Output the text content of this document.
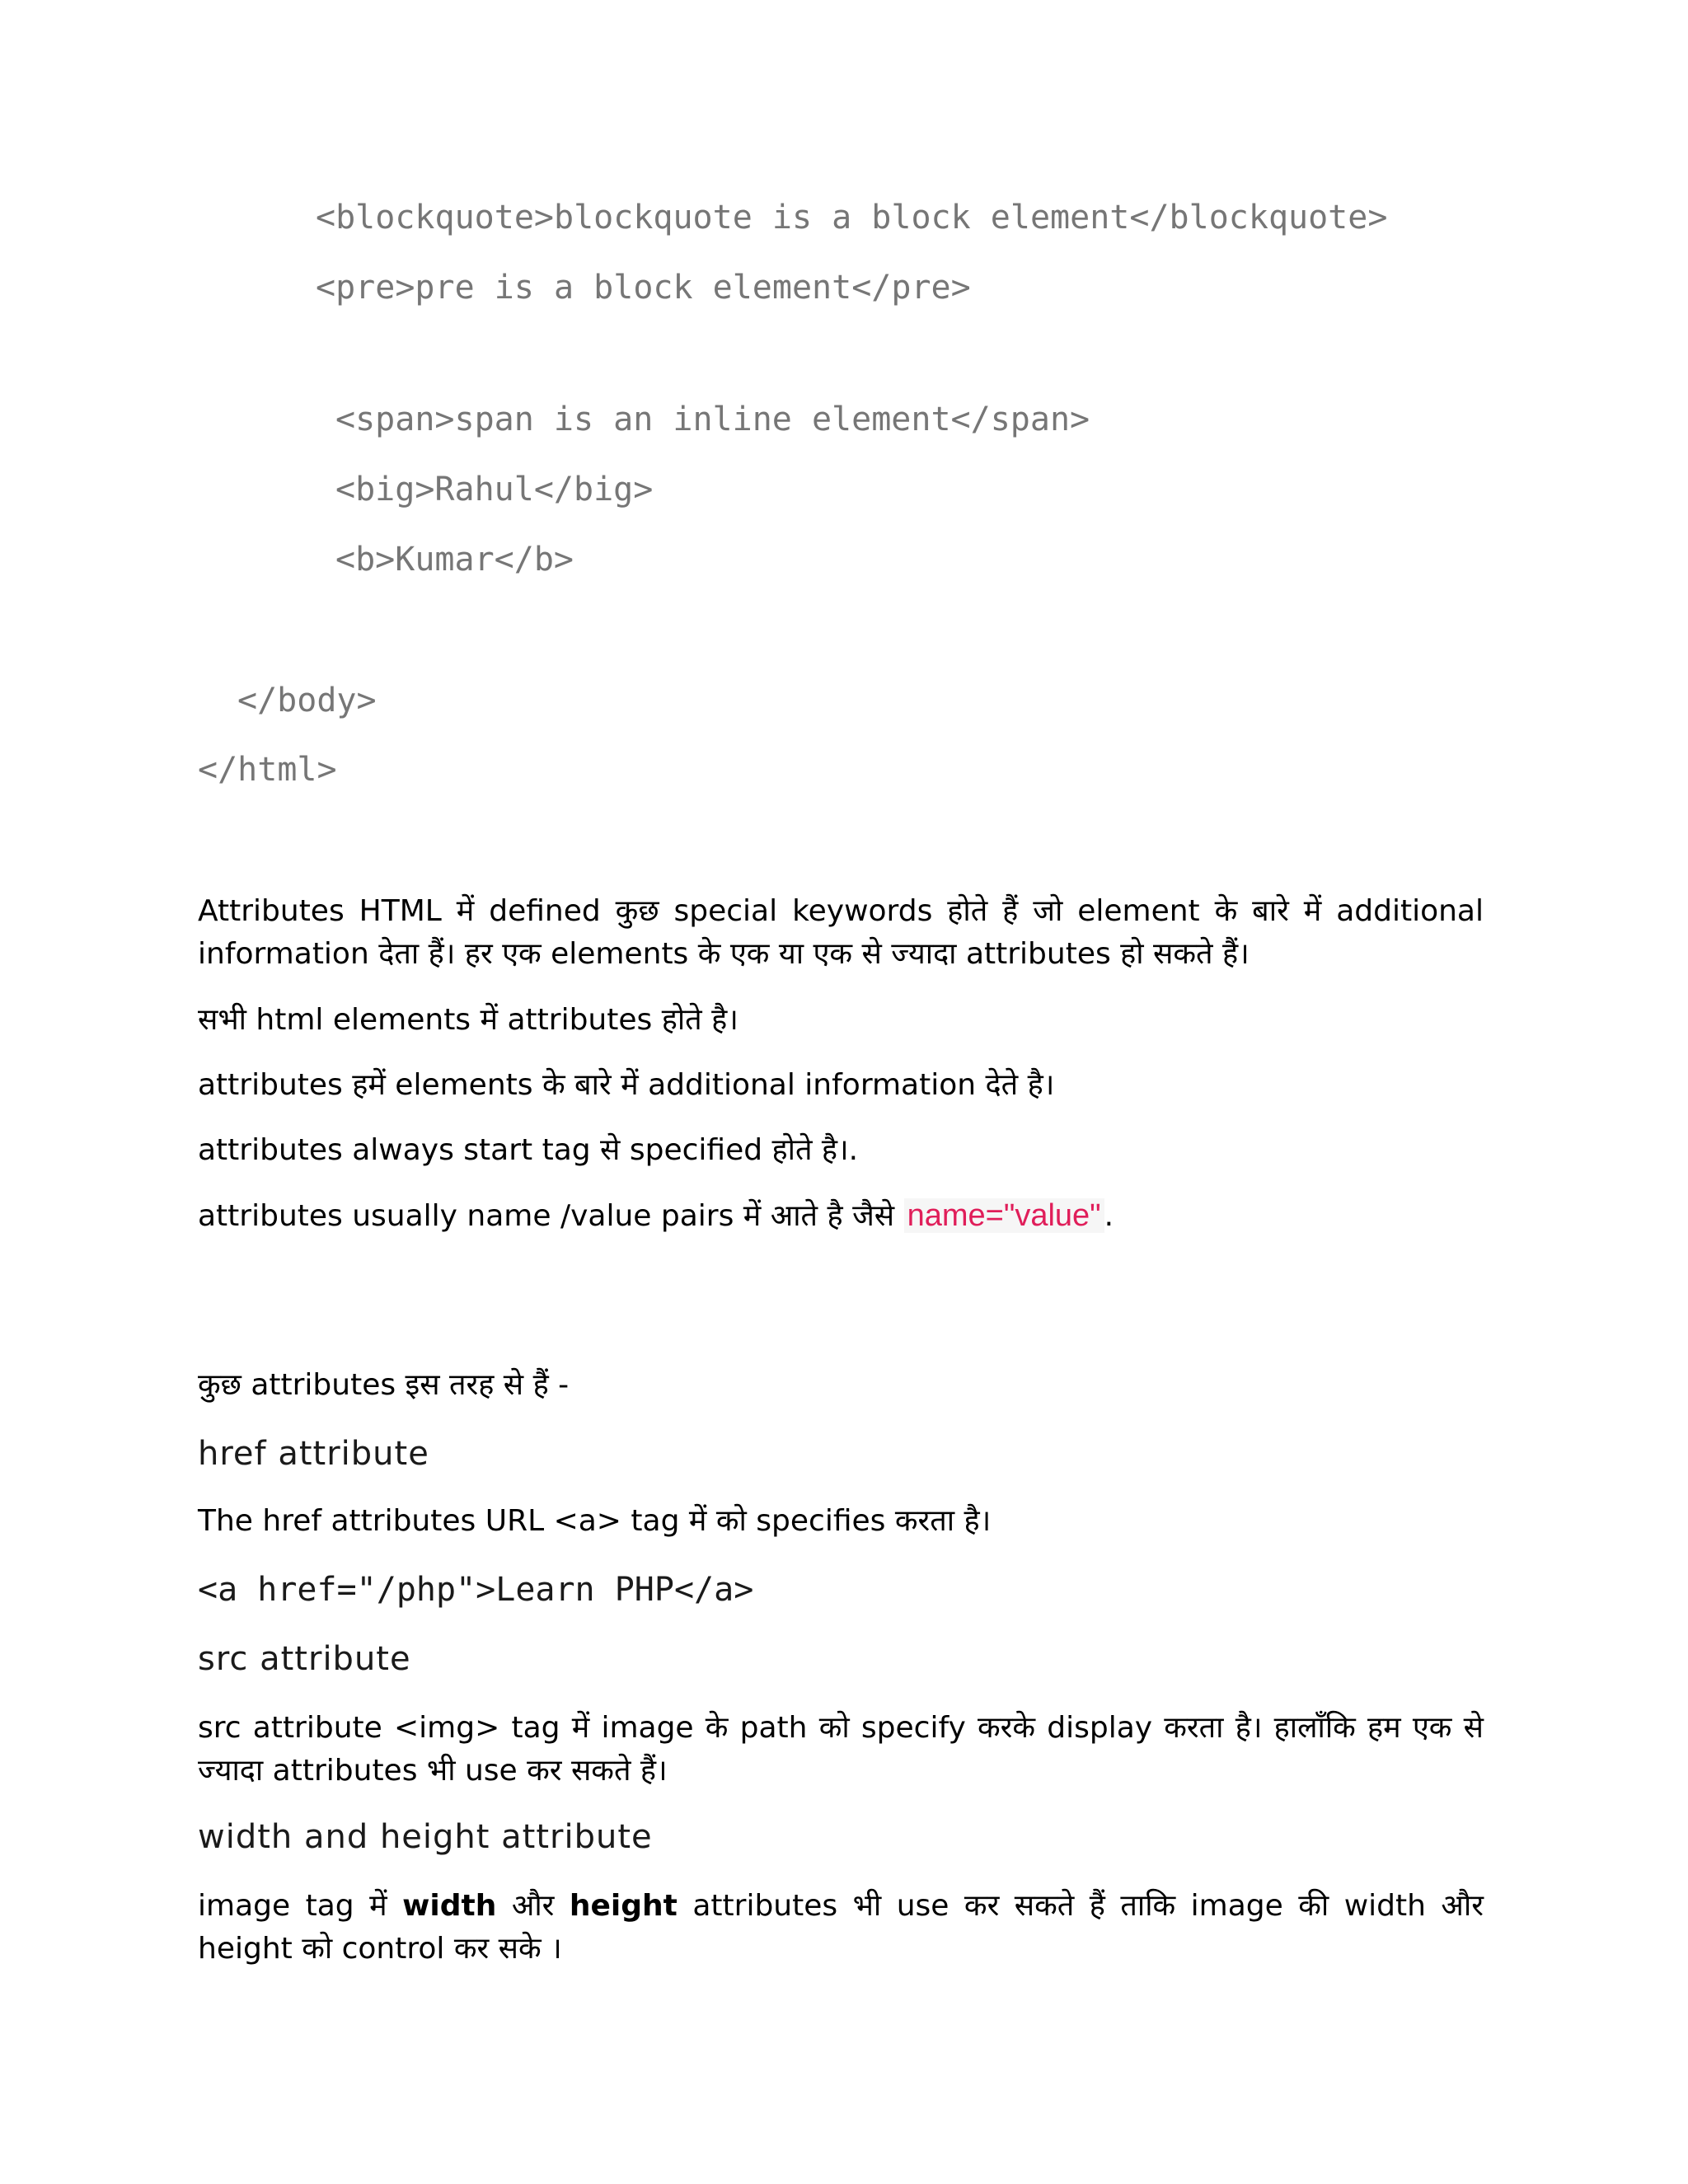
<blockquote>blockquote is a block element</blockquote>
<pre>pre is a block element</pre>
<span>span is an inline element</span>
<big>Rahul</big>
<b>Kumar</b>
</body>
</html>
Attributes HTML में defined कुछ special keywords होते हैं जो element के बारे में additional information देता हैं। हर एक elements के एक या एक से ज्यादा attributes हो सकते हैं।
सभी html elements में attributes होते है।
attributes हमें elements के बारे में additional information देते है।
attributes always start tag से specified होते है।.
attributes usually name /value pairs में आते है जैसे name="value" .
कुछ attributes इस तरह से हैं -
href attribute
The href attributes URL <a> tag में को specifies करता है।
<a href="/php">Learn PHP</a>
src attribute
src attribute <img> tag में image के path को specify करके display करता है। हालाँकि हम एक से ज्यादा attributes भी use कर सकते हैं।
width and height attribute
image tag में width और height attributes भी use कर सकते हैं ताकि image की width और height को control कर सके ।
